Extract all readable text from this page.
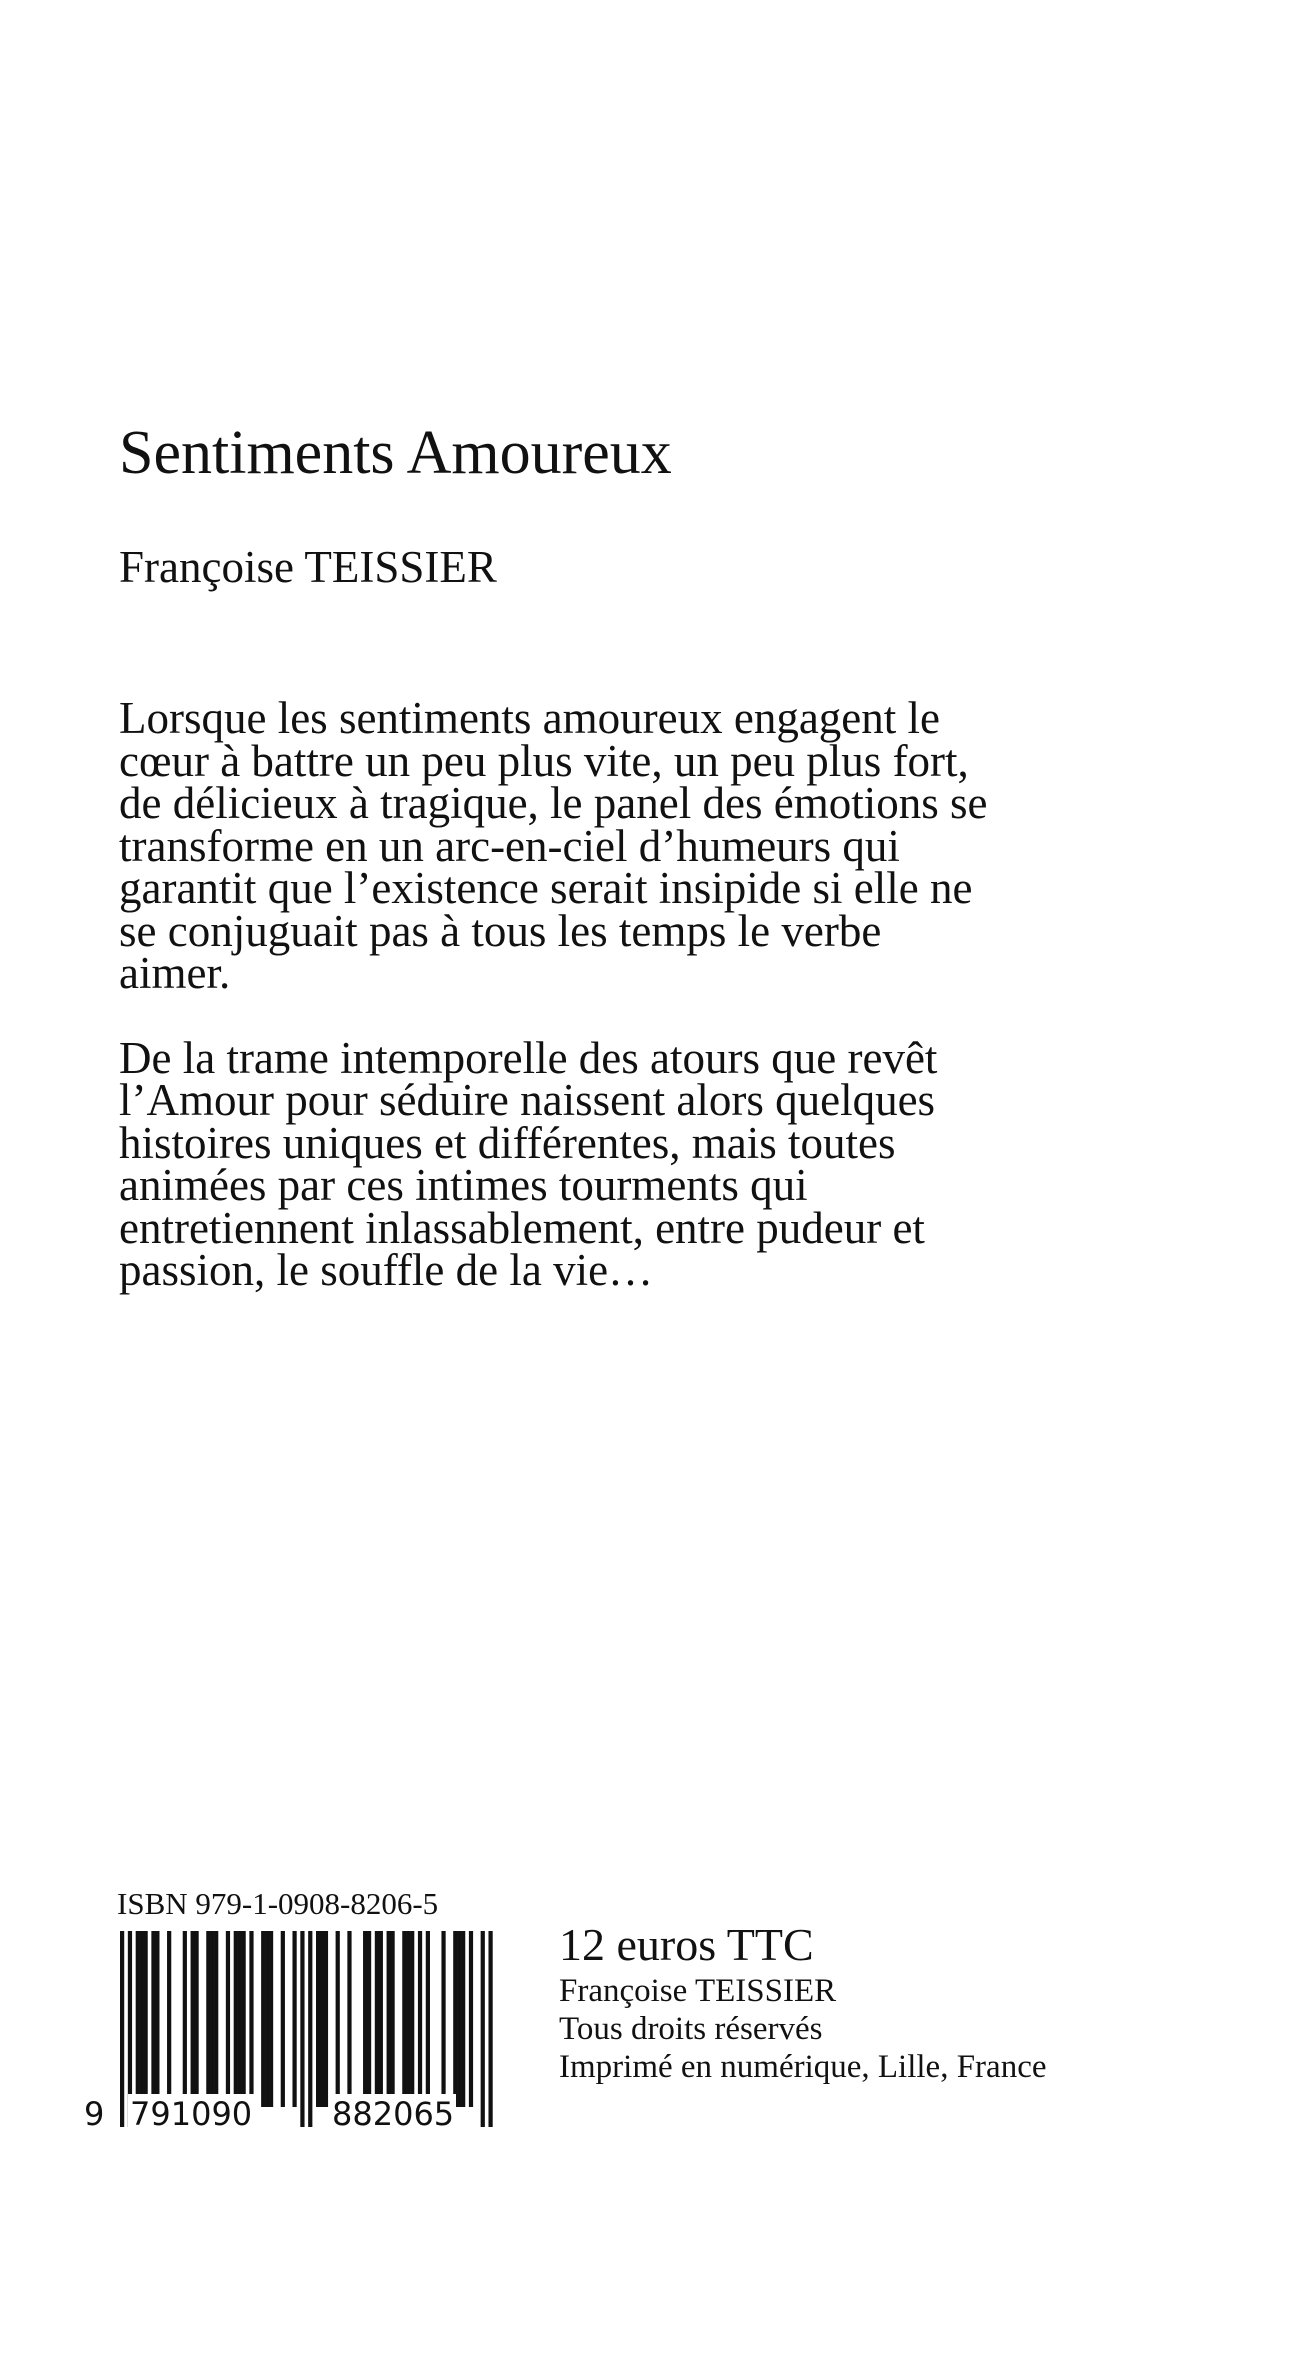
Sentiments Amoureux
Françoise TEISSIER

Lorsque les sentiments amoureux engagent le cœur à battre un peu plus vite, un peu plus fort, de délicieux à tragique, le panel des émotions se transforme en un arc-en-ciel d’humeurs qui garantit que l’existence serait insipide si elle ne se conjuguait pas à tous les temps le verbe aimer.

De la trame intemporelle des atours que revêt l’Amour pour séduire naissent alors quelques histoires uniques et différentes, mais toutes animées par ces intimes tourments qui entretiennent inlassablement, entre pudeur et passion, le souffle de la vie…

ISBN 979-1-0908-8206-5
9 791090 882065
12 euros TTC
Françoise TEISSIER
Tous droits réservés
Imprimé en numérique, Lille, France
